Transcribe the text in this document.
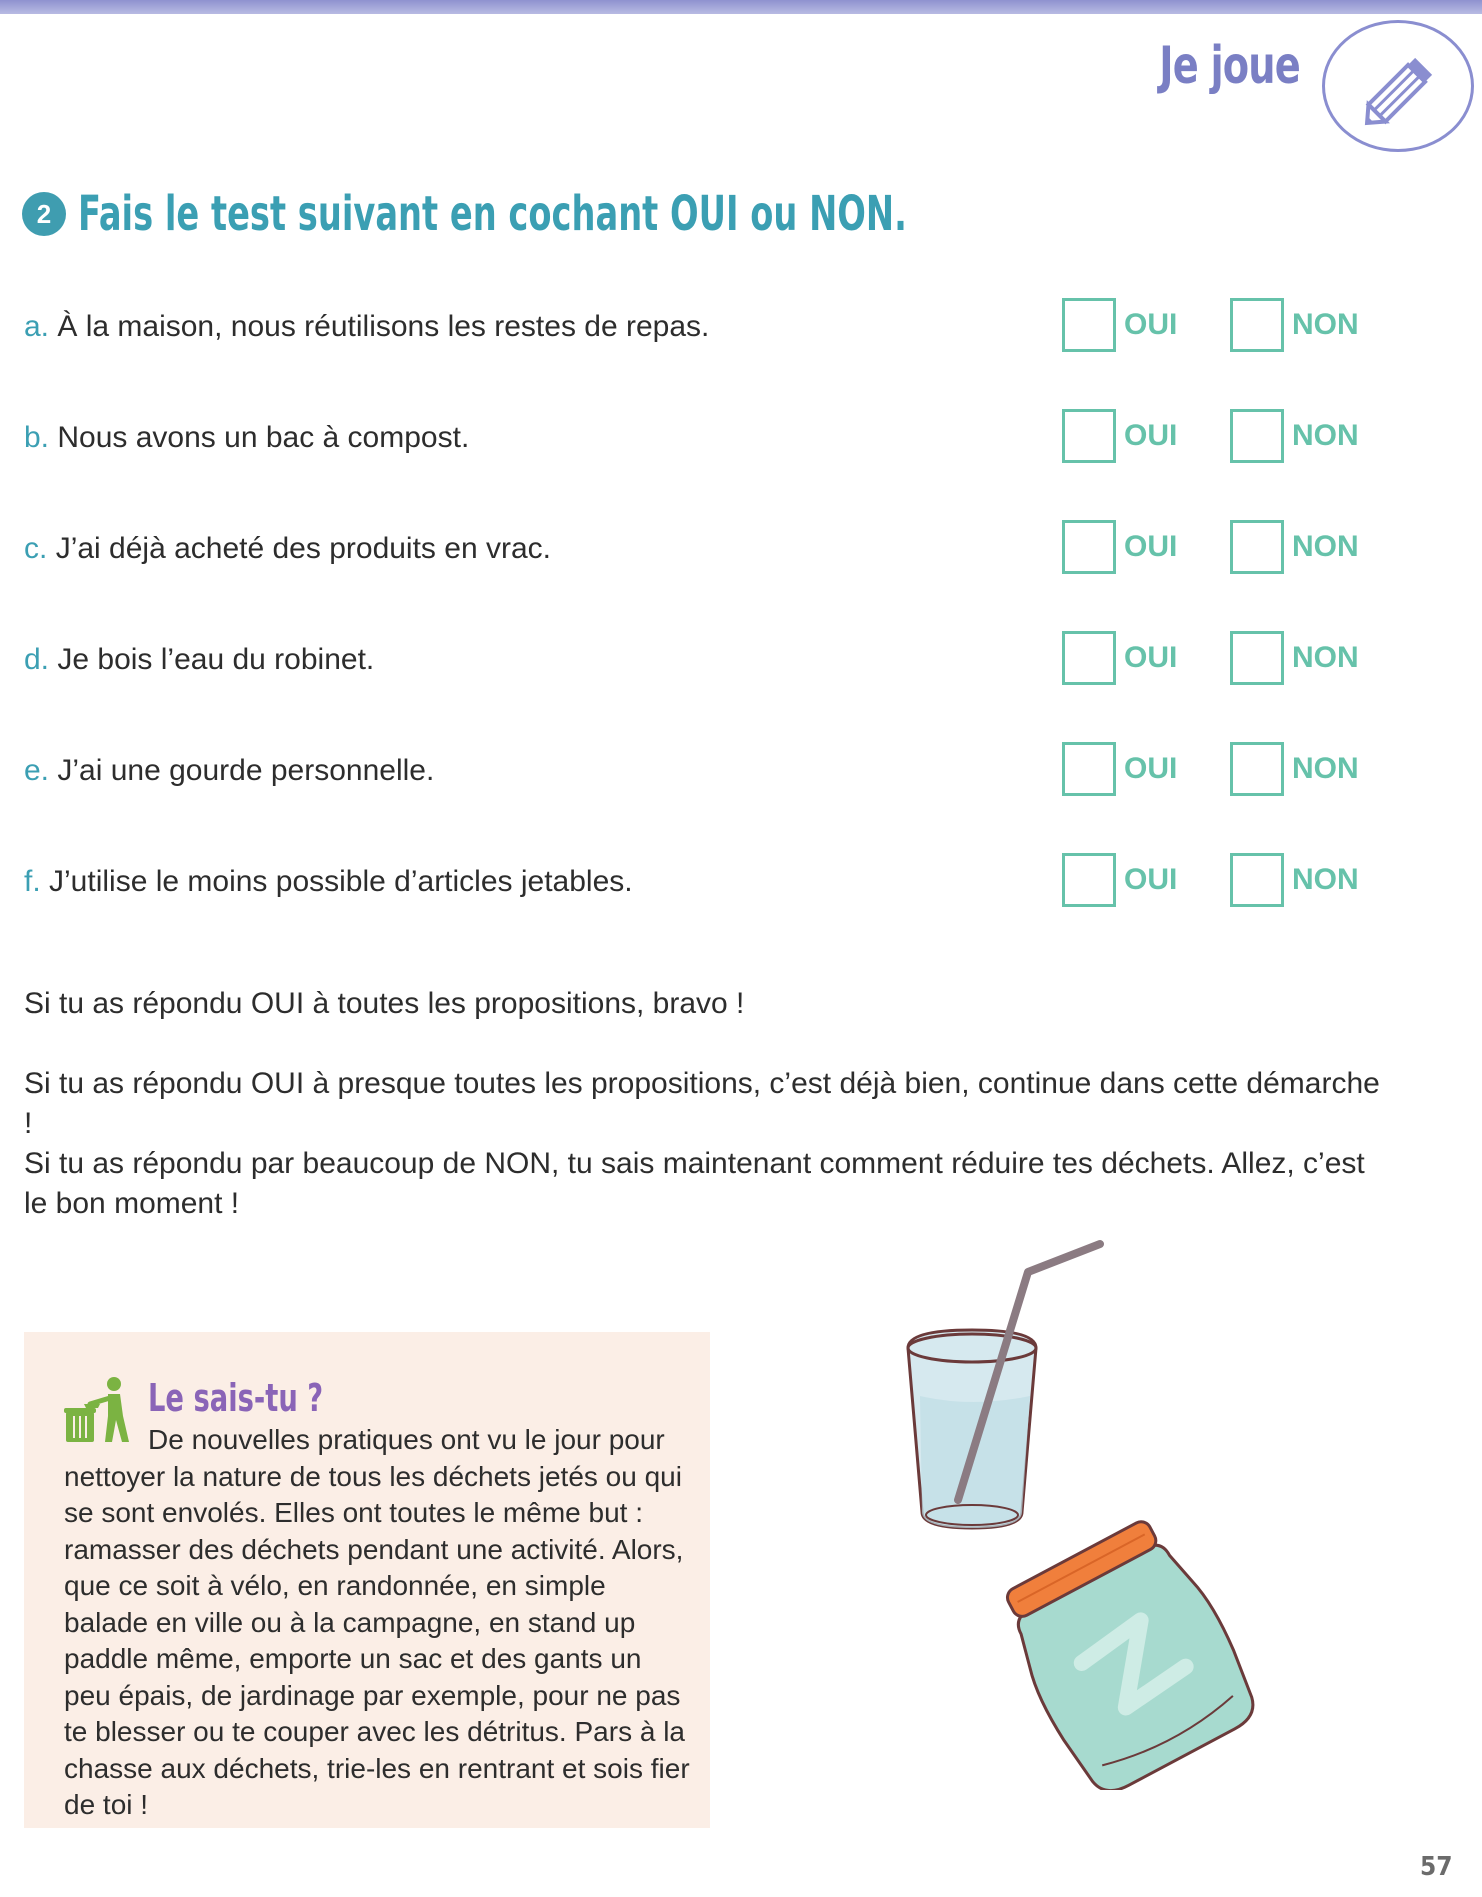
Je joue
2 Fais le test suivant en cochant OUI ou NON.
a. À la maison, nous réutilisons les restes de repas.	OUI	NON
b. Nous avons un bac à compost.	OUI	NON
c. J’ai déjà acheté des produits en vrac.	OUI	NON
d. Je bois l’eau du robinet.	OUI	NON
e. J’ai une gourde personnelle.	OUI	NON
f. J’utilise le moins possible d’articles jetables.	OUI	NON
Si tu as répondu OUI à toutes les propositions, bravo !
Si tu as répondu OUI à presque toutes les propositions, c’est déjà bien, continue dans cette démarche !
Si tu as répondu par beaucoup de NON, tu sais maintenant comment réduire tes déchets. Allez, c’est le bon moment !
Le sais-tu ?
De nouvelles pratiques ont vu le jour pour nettoyer la nature de tous les déchets jetés ou qui se sont envolés. Elles ont toutes le même but : ramasser des déchets pendant une activité. Alors, que ce soit à vélo, en randonnée, en simple balade en ville ou à la campagne, en stand up paddle même, emporte un sac et des gants un peu épais, de jardinage par exemple, pour ne pas te blesser ou te couper avec les détritus. Pars à la chasse aux déchets, trie-les en rentrant et sois fier de toi !
57
